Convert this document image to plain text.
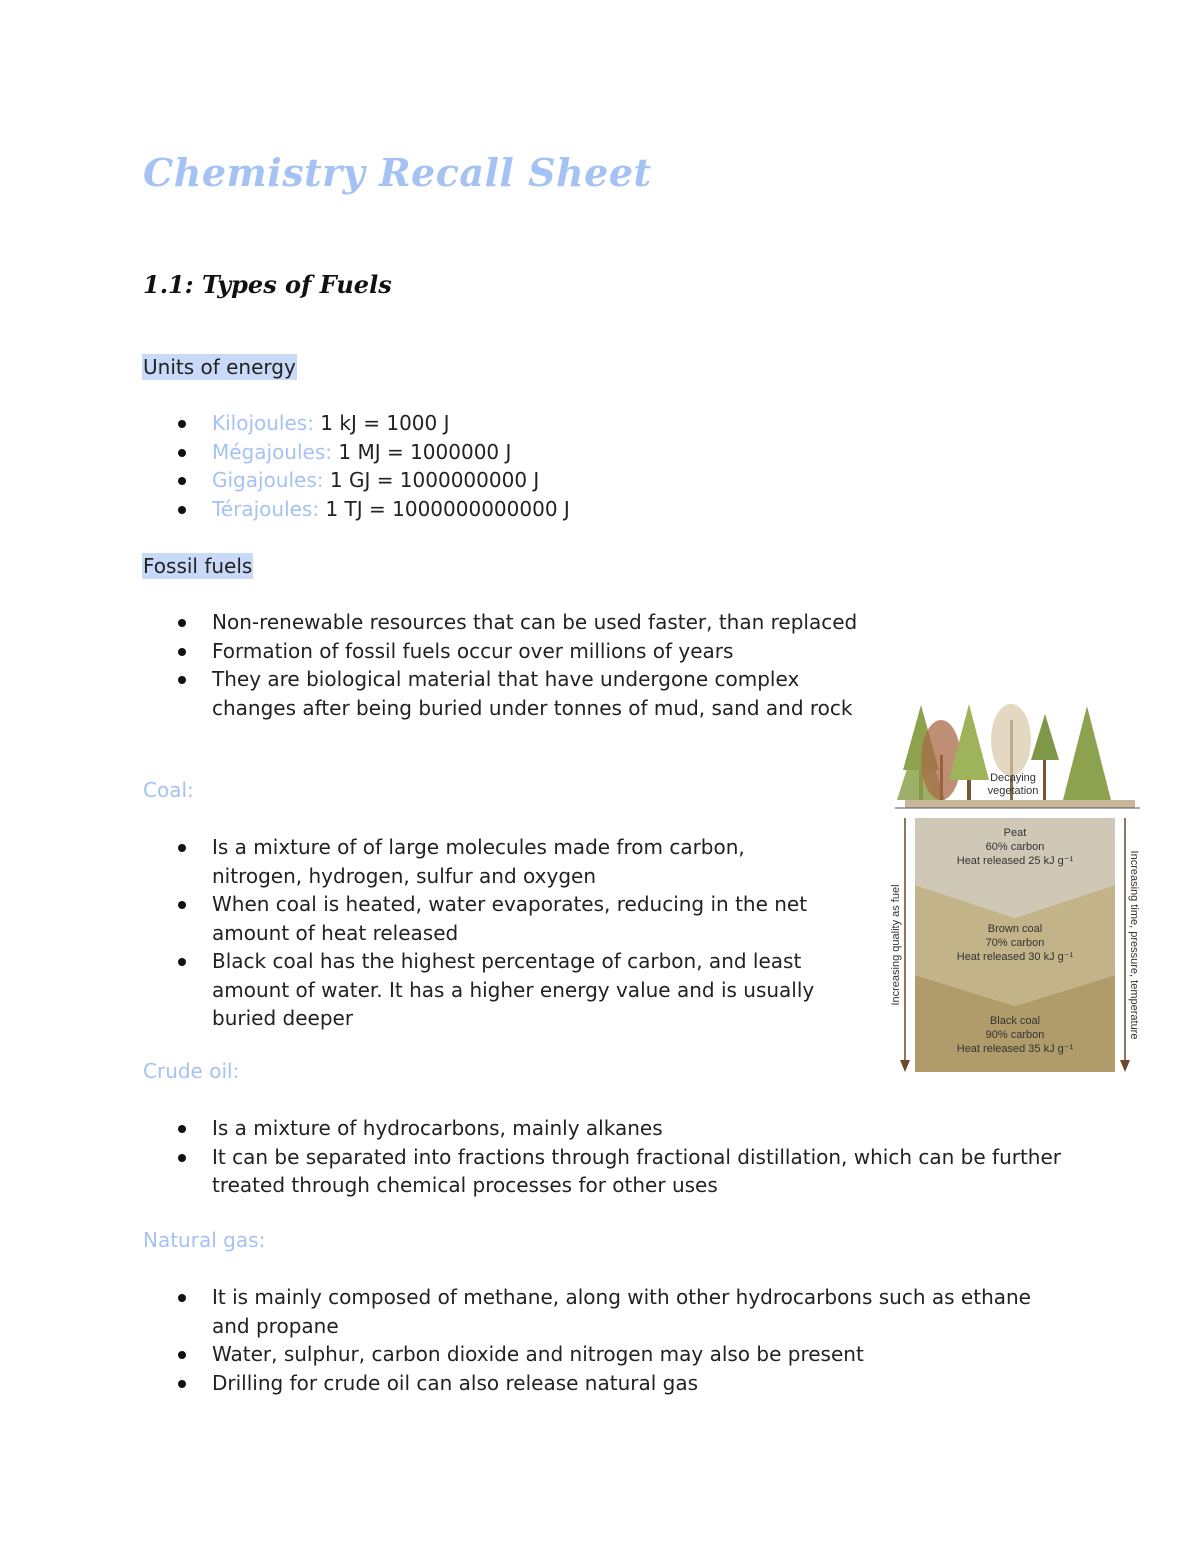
Chemistry Recall Sheet
1.1: Types of Fuels

Units of energy

Kilojoules: 1 kJ = 1000 J
Mégajoules: 1 MJ = 1000000 J
Gigajoules: 1 GJ = 1000000000 J
Térajoules: 1 TJ = 1000000000000 J

Fossil fuels

Non-renewable resources that can be used faster, than replaced
Formation of fossil fuels occur over millions of years
They are biological material that have undergone complex changes after being buried under tonnes of mud, sand and rock

Coal:

Is a mixture of of large molecules made from carbon, nitrogen, hydrogen, sulfur and oxygen
When coal is heated, water evaporates, reducing in the net amount of heat released
Black coal has the highest percentage of carbon, and least amount of water. It has a higher energy value and is usually buried deeper

Crude oil:

Is a mixture of hydrocarbons, mainly alkanes
It can be separated into fractions through fractional distillation, which can be further treated through chemical processes for other uses

Natural gas:

It is mainly composed of methane, along with other hydrocarbons such as ethane and propane
Water, sulphur, carbon dioxide and nitrogen may also be present
Drilling for crude oil can also release natural gas
Decaying
vegetation
Peat
60% carbon
Heat released 25 kJ g⁻¹
Brown coal
70% carbon
Heat released 30 kJ g⁻¹
Black coal
90% carbon
Heat released 35 kJ g⁻¹
Increasing quality as fuel	Increasing time, pressure, temperature
